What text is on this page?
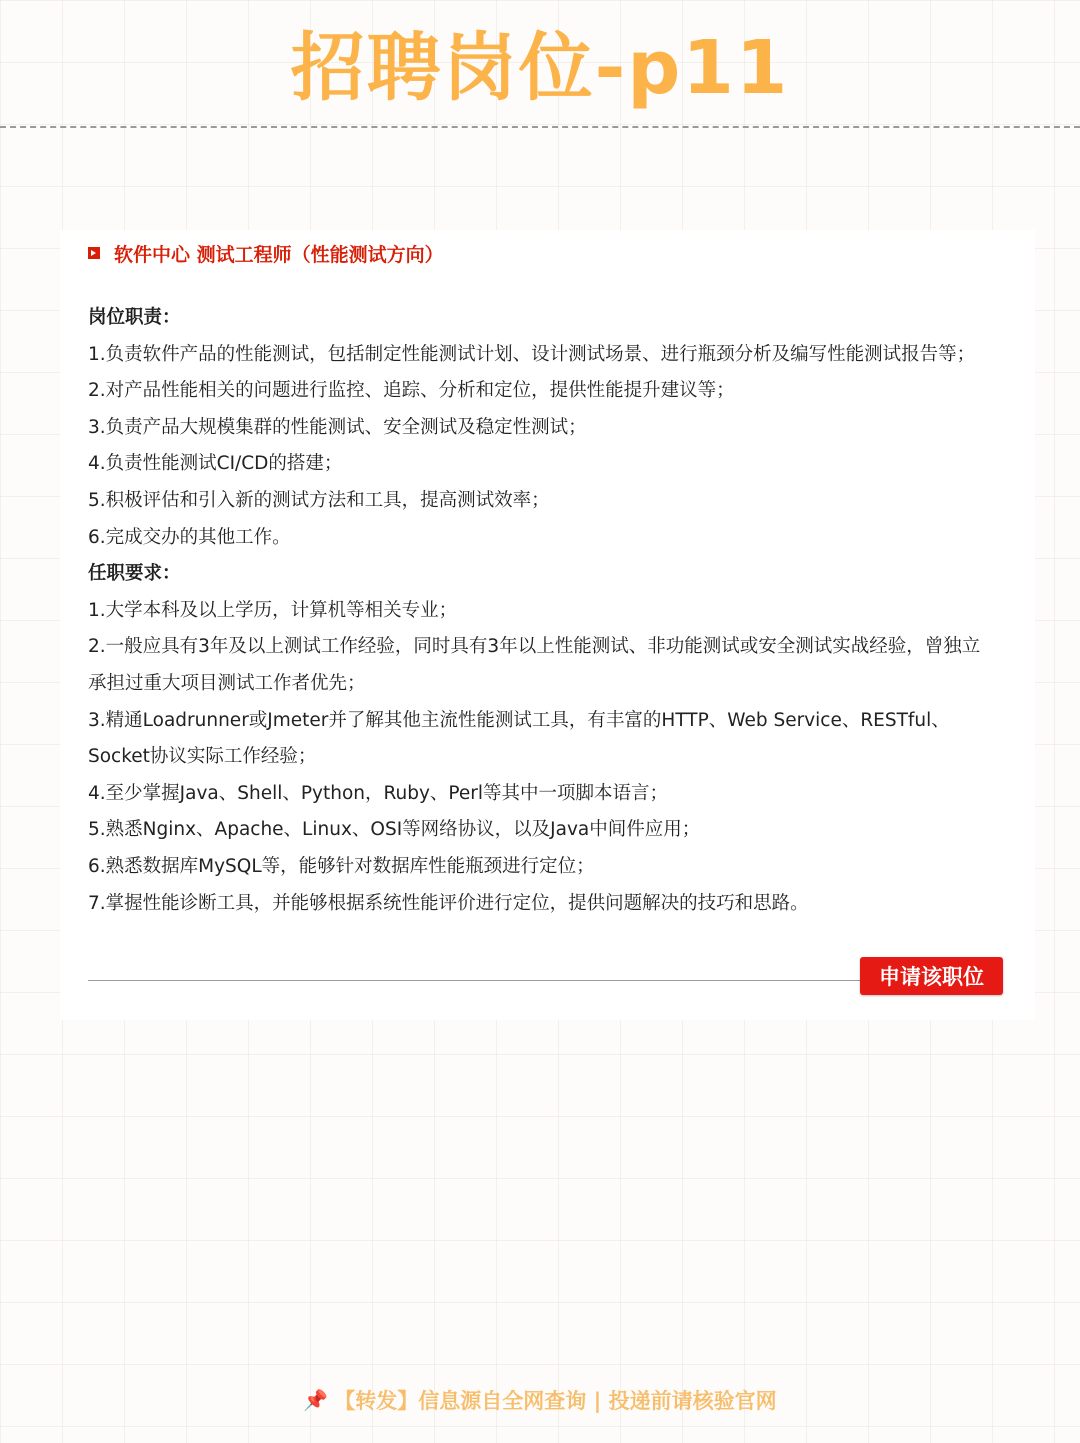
招聘岗位-p11
软件中心 测试工程师（性能测试方向）

岗位职责：

1.负责软件产品的性能测试，包括制定性能测试计划、设计测试场景、进行瓶颈分析及编写性能测试报告等；

2.对产品性能相关的问题进行监控、追踪、分析和定位，提供性能提升建议等；

3.负责产品大规模集群的性能测试、安全测试及稳定性测试；

4.负责性能测试CI/CD的搭建；

5.积极评估和引入新的测试方法和工具，提高测试效率；

6.完成交办的其他工作。

任职要求：

1.大学本科及以上学历，计算机等相关专业；

2.一般应具有3年及以上测试工作经验，同时具有3年以上性能测试、非功能测试或安全测试实战经验，曾独立承担过重大项目测试工作者优先；

3.精通Loadrunner或Jmeter并了解其他主流性能测试工具，有丰富的HTTP、Web Service、RESTful、Socket协议实际工作经验；

4.至少掌握Java、Shell、Python，Ruby、Perl等其中一项脚本语言；

5.熟悉Nginx、Apache、Linux、OSI等网络协议，以及Java中间件应用；

6.熟悉数据库MySQL等，能够针对数据库性能瓶颈进行定位；

7.掌握性能诊断工具，并能够根据系统性能评价进行定位，提供问题解决的技巧和思路。

申请该职位
📌 【转发】信息源自全网查询 | 投递前请核验官网
